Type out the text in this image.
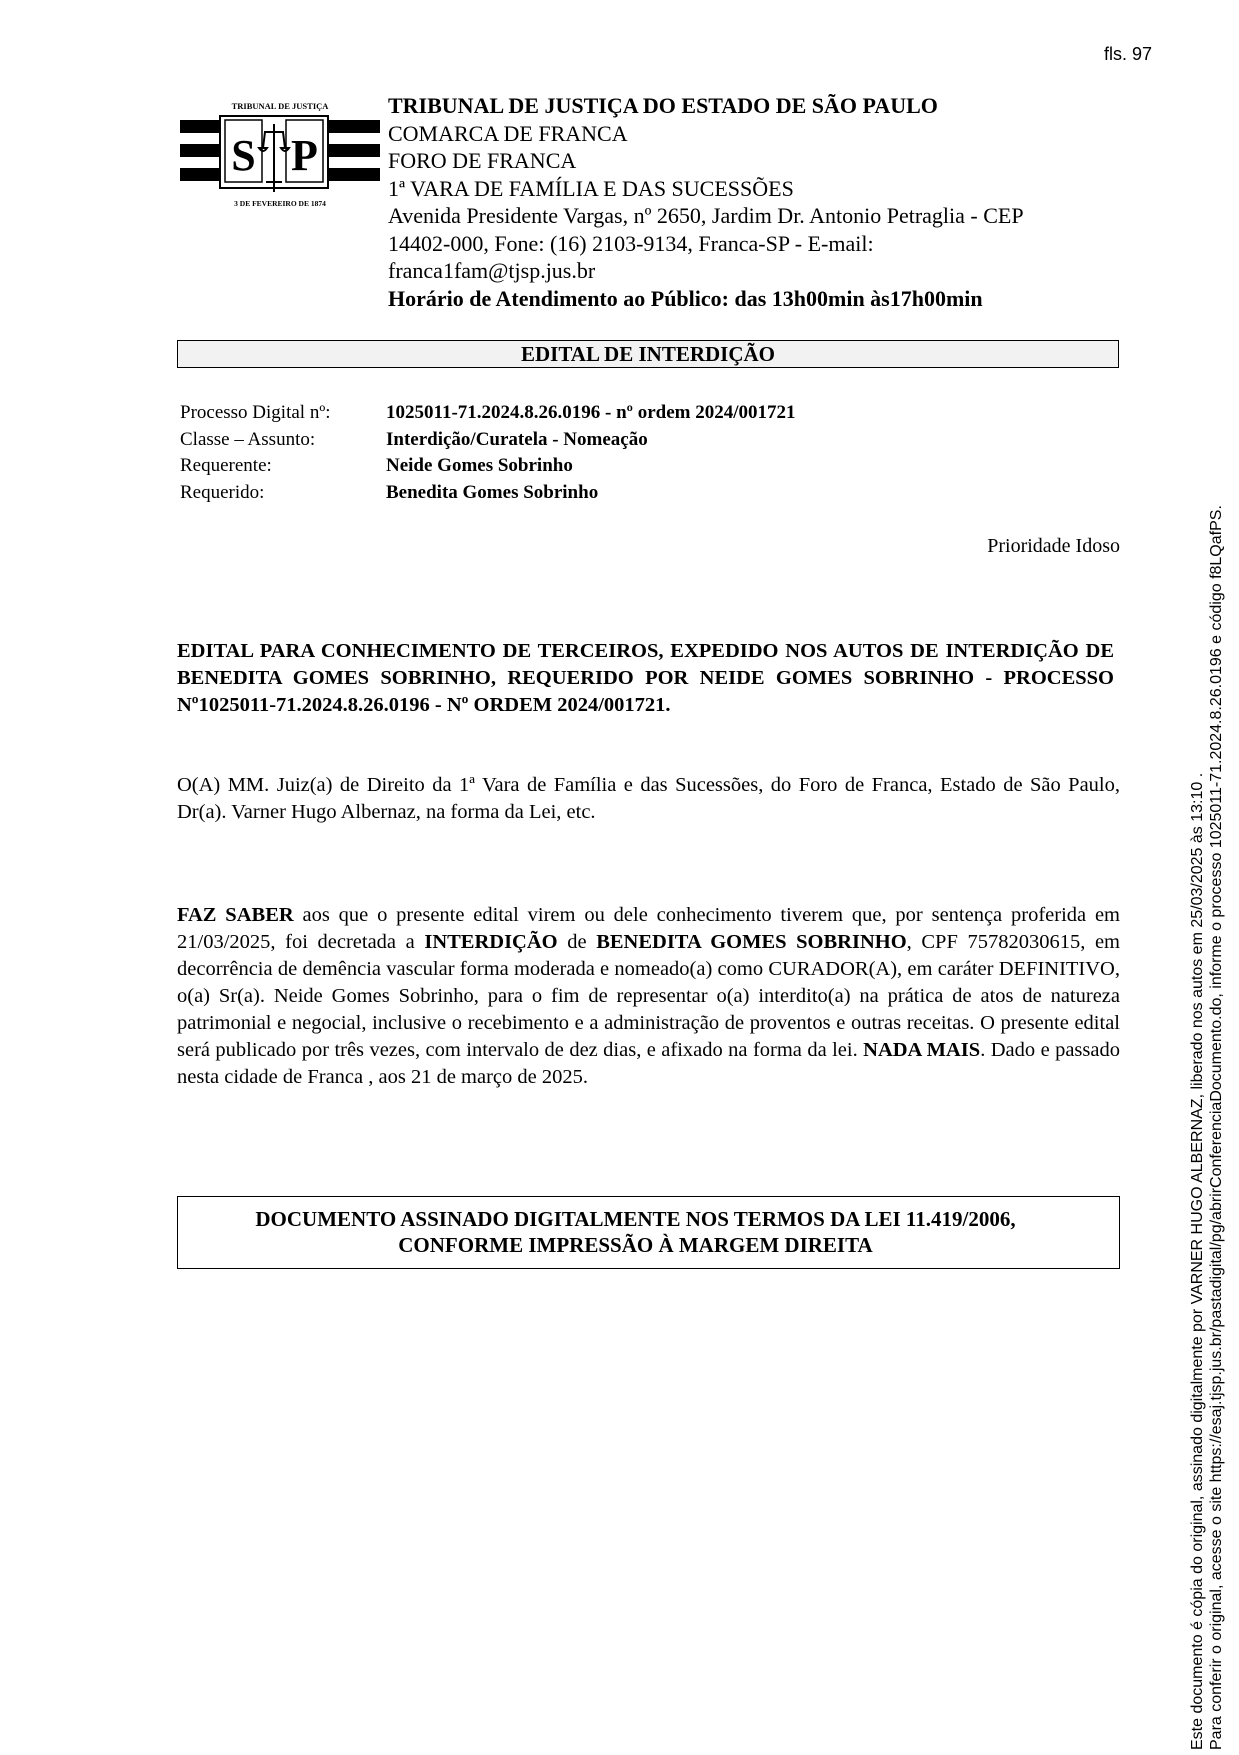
fls. 97
TRIBUNAL DE JUSTIÇA
S P
3 DE FEVEREIRO DE 1874
TRIBUNAL DE JUSTIÇA DO ESTADO DE SÃO PAULO
COMARCA DE FRANCA
FORO DE FRANCA
1ª VARA DE FAMÍLIA E DAS SUCESSÕES
Avenida Presidente Vargas, nº 2650, Jardim Dr. Antonio Petraglia - CEP
14402-000, Fone: (16) 2103-9134, Franca-SP - E-mail:
franca1fam@tjsp.jus.br
Horário de Atendimento ao Público: das 13h00min às17h00min
EDITAL DE INTERDIÇÃO
Processo Digital nº:	1025011-71.2024.8.26.0196 - nº ordem 2024/001721
Classe – Assunto:	Interdição/Curatela - Nomeação
Requerente:	Neide Gomes Sobrinho
Requerido:	Benedita Gomes Sobrinho
Prioridade Idoso
EDITAL PARA CONHECIMENTO DE TERCEIROS, EXPEDIDO NOS AUTOS DE INTERDIÇÃO DE BENEDITA GOMES SOBRINHO, REQUERIDO POR NEIDE GOMES SOBRINHO - PROCESSO Nº1025011-71.2024.8.26.0196 - Nº ORDEM 2024/001721.

O(A) MM. Juiz(a) de Direito da 1ª Vara de Família e das Sucessões, do Foro de Franca, Estado de São Paulo, Dr(a). Varner Hugo Albernaz, na forma da Lei, etc.

FAZ SABER aos que o presente edital virem ou dele conhecimento tiverem que, por sentença proferida em 21/03/2025, foi decretada a INTERDIÇÃO de BENEDITA GOMES SOBRINHO, CPF 75782030615, em decorrência de demência vascular forma moderada e nomeado(a) como CURADOR(A), em caráter DEFINITIVO, o(a) Sr(a). Neide Gomes Sobrinho, para o fim de representar o(a) interdito(a) na prática de atos de natureza patrimonial e negocial, inclusive o recebimento e a administração de proventos e outras receitas. O presente edital será publicado por três vezes, com intervalo de dez dias, e afixado na forma da lei. NADA MAIS. Dado e passado nesta cidade de Franca , aos 21 de março de 2025.

DOCUMENTO ASSINADO DIGITALMENTE NOS TERMOS DA LEI 11.419/2006,
CONFORME IMPRESSÃO À MARGEM DIREITA	Este documento é cópia do original, assinado digitalmente por VARNER HUGO ALBERNAZ, liberado nos autos em 25/03/2025 às 13:10 . Para conferir o original, acesse o site https://esaj.tjsp.jus.br/pastadigital/pg/abrirConferenciaDocumento.do, informe o processo 1025011-71.2024.8.26.0196 e código f8LQafPS.
